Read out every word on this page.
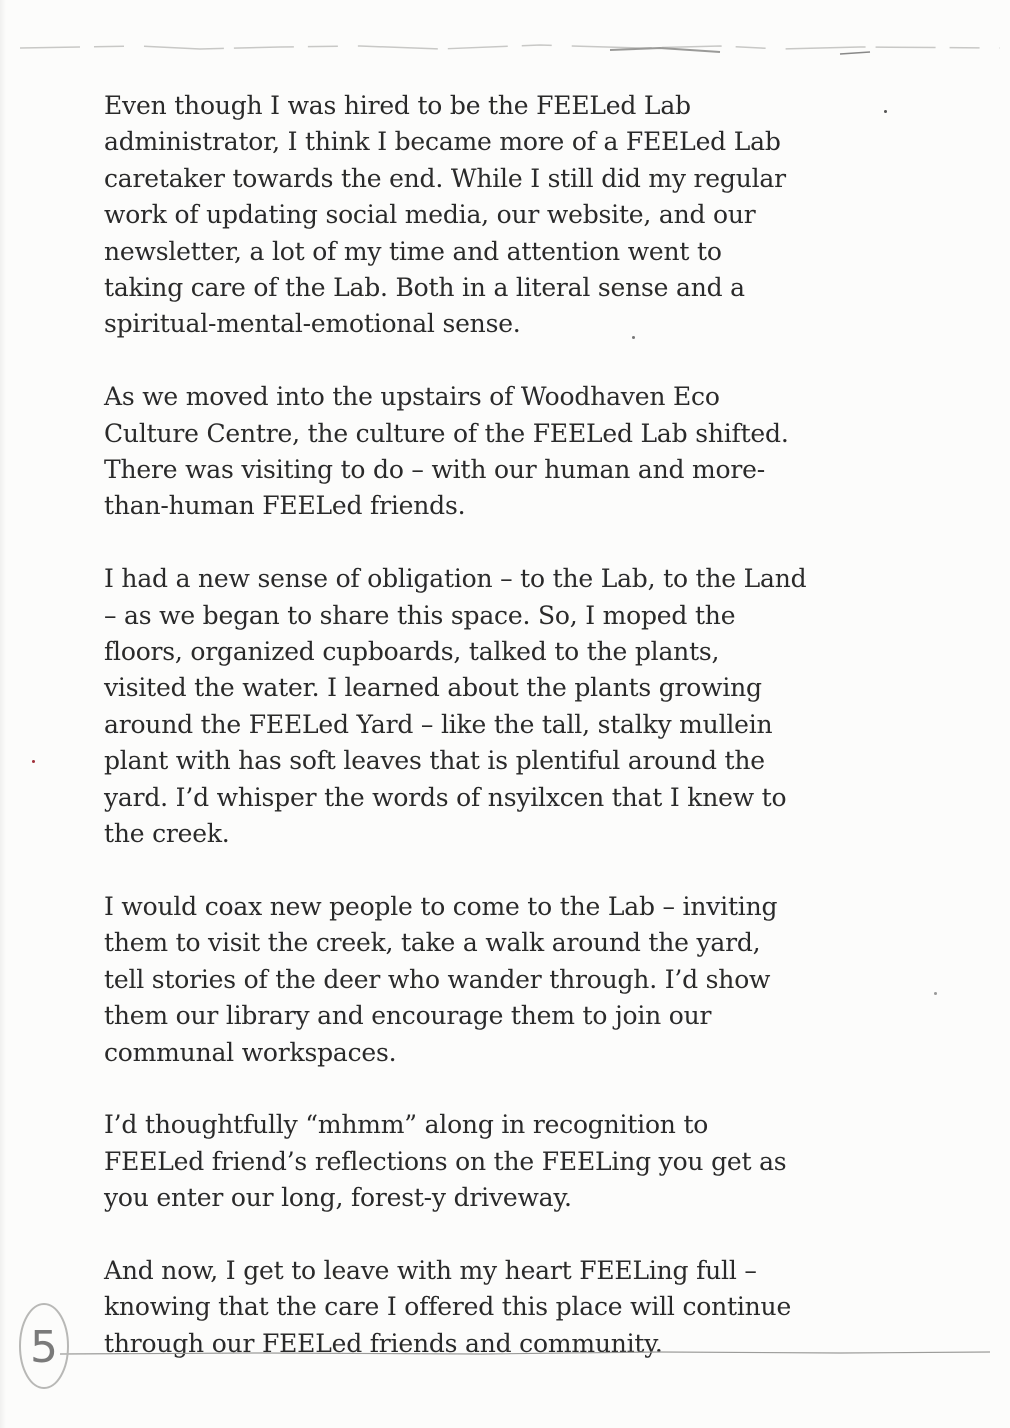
Even though I was hired to be the FEELed Lab
administrator, I think I became more of a FEELed Lab
caretaker towards the end. While I still did my regular
work of updating social media, our website, and our
newsletter, a lot of my time and attention went to
taking care of the Lab. Both in a literal sense and a
spiritual-mental-emotional sense.

As we moved into the upstairs of Woodhaven Eco
Culture Centre, the culture of the FEELed Lab shifted.
There was visiting to do – with our human and more-
than-human FEELed friends.

I had a new sense of obligation – to the Lab, to the Land
– as we began to share this space. So, I moped the
floors, organized cupboards, talked to the plants,
visited the water. I learned about the plants growing
around the FEELed Yard – like the tall, stalky mullein
plant with has soft leaves that is plentiful around the
yard. I’d whisper the words of nsyilxcen that I knew to
the creek.

I would coax new people to come to the Lab – inviting
them to visit the creek, take a walk around the yard,
tell stories of the deer who wander through. I’d show
them our library and encourage them to join our
communal workspaces.

I’d thoughtfully “mhmm” along in recognition to
FEELed friend’s reflections on the FEELing you get as
you enter our long, forest-y driveway.

And now, I get to leave with my heart FEELing full –
knowing that the care I offered this place will continue
through our FEELed friends and community.

5
